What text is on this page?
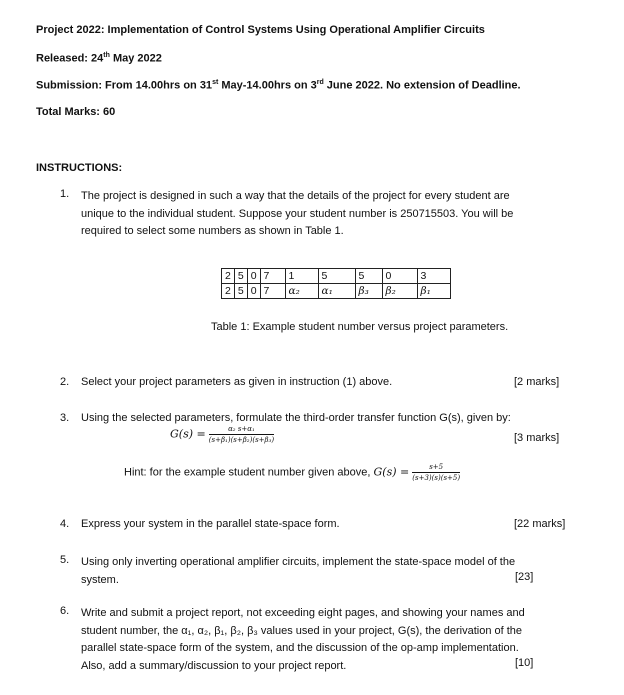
Project 2022: Implementation of Control Systems Using Operational Amplifier Circuits
Released: 24th May 2022
Submission: From 14.00hrs on 31st May-14.00hrs on 3rd June 2022. No extension of Deadline.
Total Marks: 60
INSTRUCTIONS:
1. The project is designed in such a way that the details of the project for every student are
unique to the individual student. Suppose your student number is 250715503. You will be
required to select some numbers as shown in Table 1.
2	5	0	7	1	5	5	0	3
2	5	0	7	α₂	α₁	β₃	β₂	β₁
Table 1: Example student number versus project parameters.
2. Select your project parameters as given in instruction (1) above.	[2 marks]
3. Using the selected parameters, formulate the third-order transfer function G(s), given by:
$G(s) = \frac{\text{α₂ s+α₁}}{\text{(s+β₁)(s+β₂)(s+β₃)}}$	[3 marks]
Hint: for the example student number given above, $G(s) = \frac{s+5}{(s+3)(s)(s+5)}$
4. Express your system in the parallel state-space form.	[22 marks]
5. Using only inverting operational amplifier circuits, implement the state-space model of the
system.	[23]
6. Write and submit a project report, not exceeding eight pages, and showing your names and
student number, the α₁, α₂, β₁, β₂, β₃ values used in your project, G(s), the derivation of the
parallel state-space form of the system, and the discussion of the op-amp implementation.
Also, add a summary/discussion to your project report.	[10]
